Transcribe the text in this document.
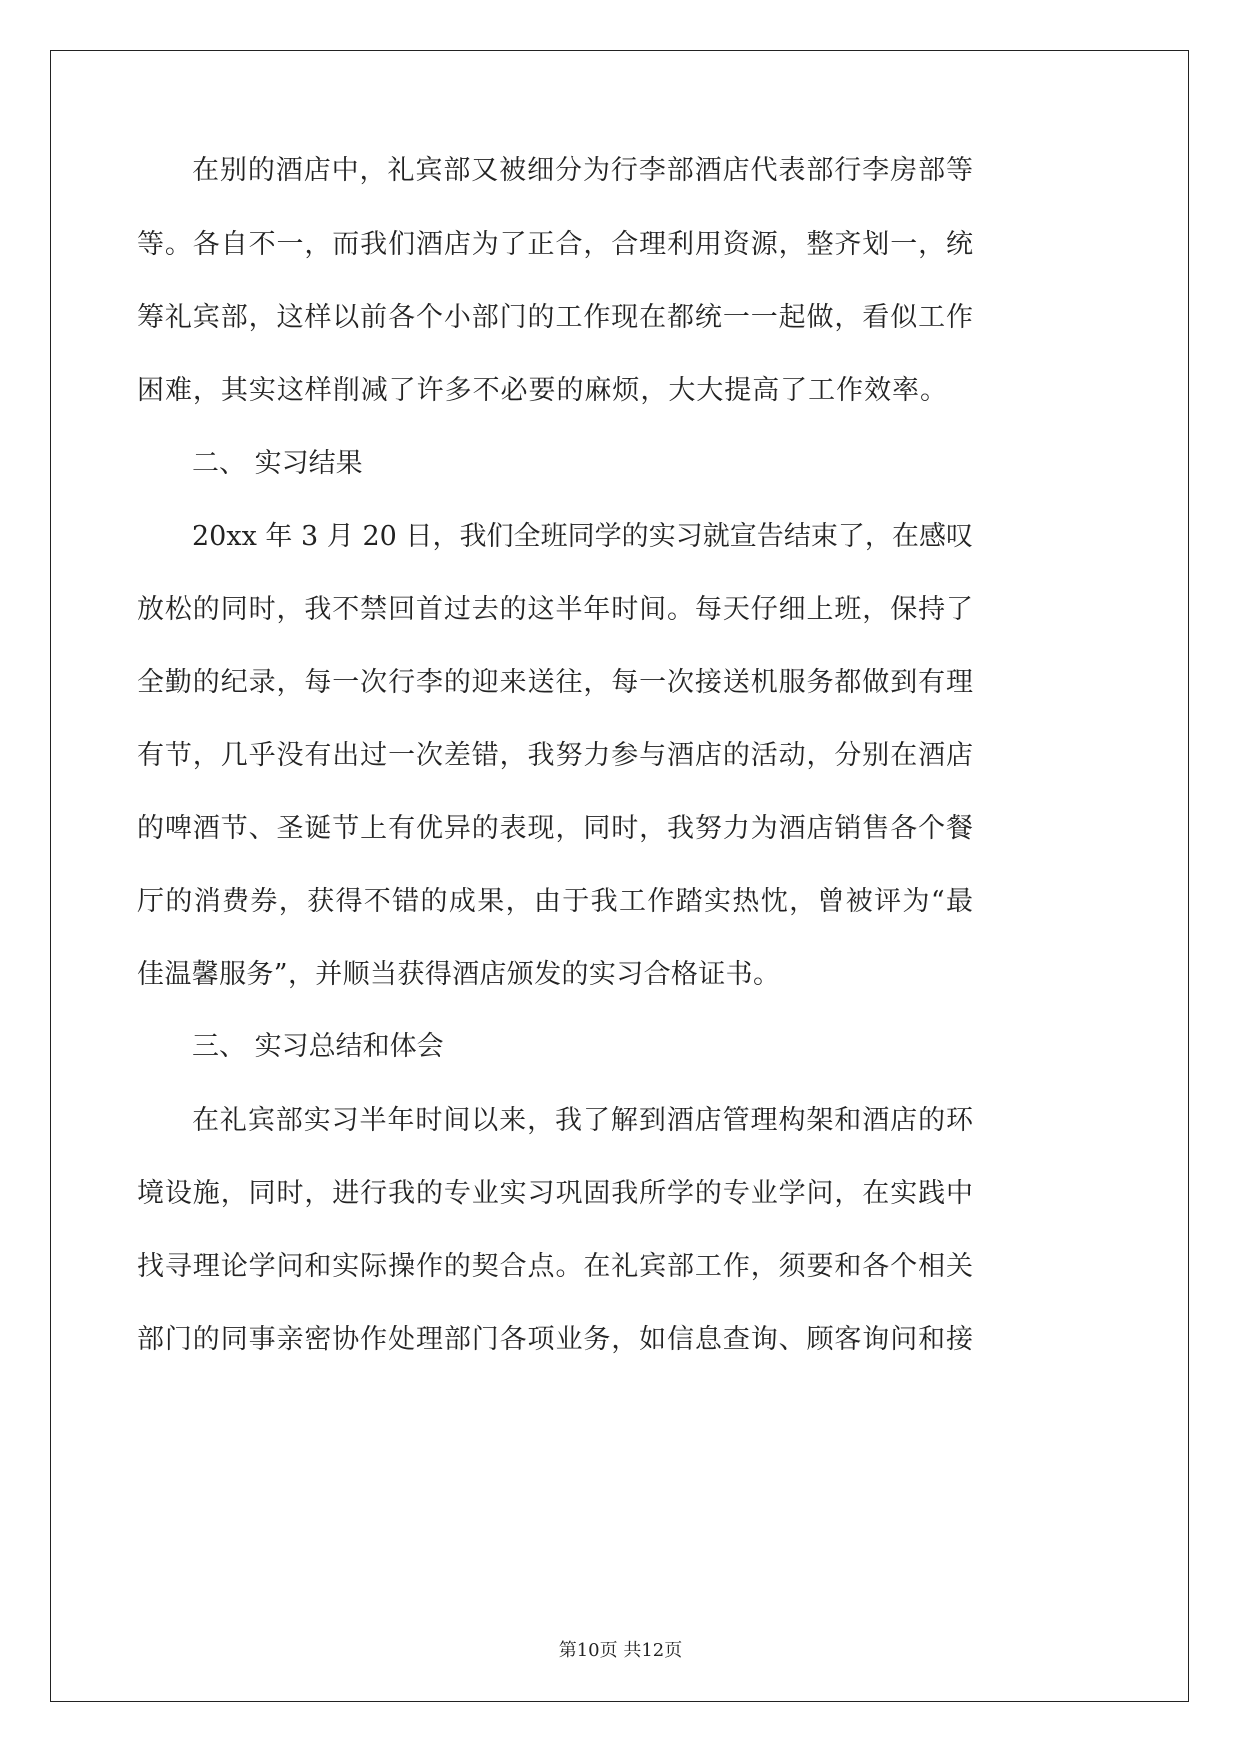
在别的酒店中，礼宾部又被细分为行李部酒店代表部行李房部等
等。各自不一，而我们酒店为了正合，合理利用资源，整齐划一，统
筹礼宾部，这样以前各个小部门的工作现在都统一一起做，看似工作
困难，其实这样削减了许多不必要的麻烦，大大提高了工作效率。
二、 实习结果
20xx 年 3 月 20 日，我们全班同学的实习就宣告结束了，在感叹
放松的同时，我不禁回首过去的这半年时间。每天仔细上班，保持了
全勤的纪录，每一次行李的迎来送往，每一次接送机服务都做到有理
有节，几乎没有出过一次差错，我努力参与酒店的活动，分别在酒店
的啤酒节、圣诞节上有优异的表现，同时，我努力为酒店销售各个餐
厅的消费券，获得不错的成果，由于我工作踏实热忱，曾被评为“最
佳温馨服务”，并顺当获得酒店颁发的实习合格证书。
三、 实习总结和体会
在礼宾部实习半年时间以来，我了解到酒店管理构架和酒店的环
境设施，同时，进行我的专业实习巩固我所学的专业学问，在实践中
找寻理论学问和实际操作的契合点。在礼宾部工作，须要和各个相关
部门的同事亲密协作处理部门各项业务，如信息查询、顾客询问和接
第10页 共12页
